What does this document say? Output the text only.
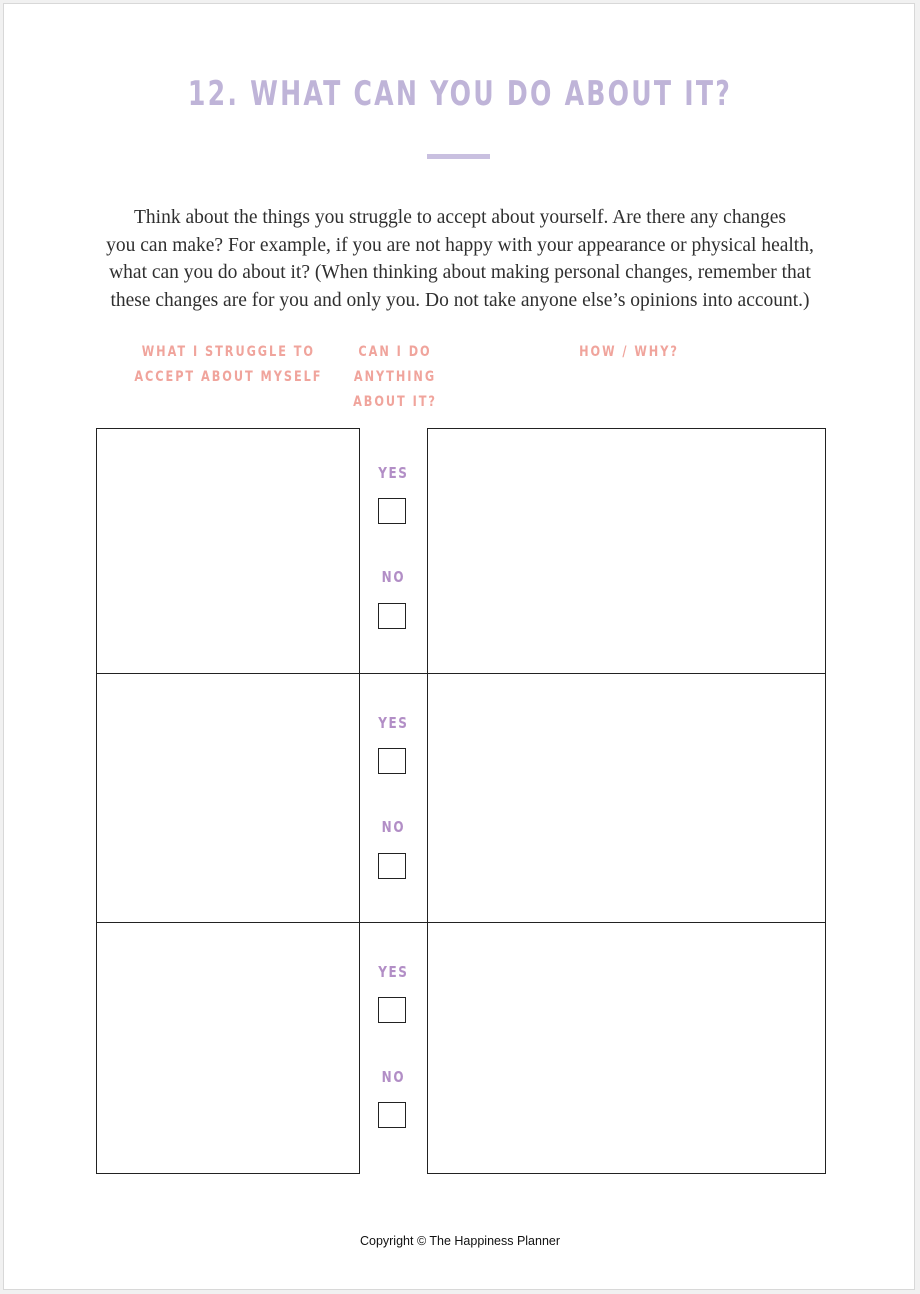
12. WHAT CAN YOU DO ABOUT IT?

Think about the things you struggle to accept about yourself. Are there any changes

you can make? For example, if you are not happy with your appearance or physical health,

what can you do about it? (When thinking about making personal changes, remember that

these changes are for you and only you. Do not take anyone else’s opinions into account.)

WHAT I STRUGGLE TO
ACCEPT ABOUT MYSELF
CAN I DO
ANYTHING
ABOUT IT?
HOW / WHY?
YES
NO
YES
NO
YES
NO
Copyright © The Happiness Planner
